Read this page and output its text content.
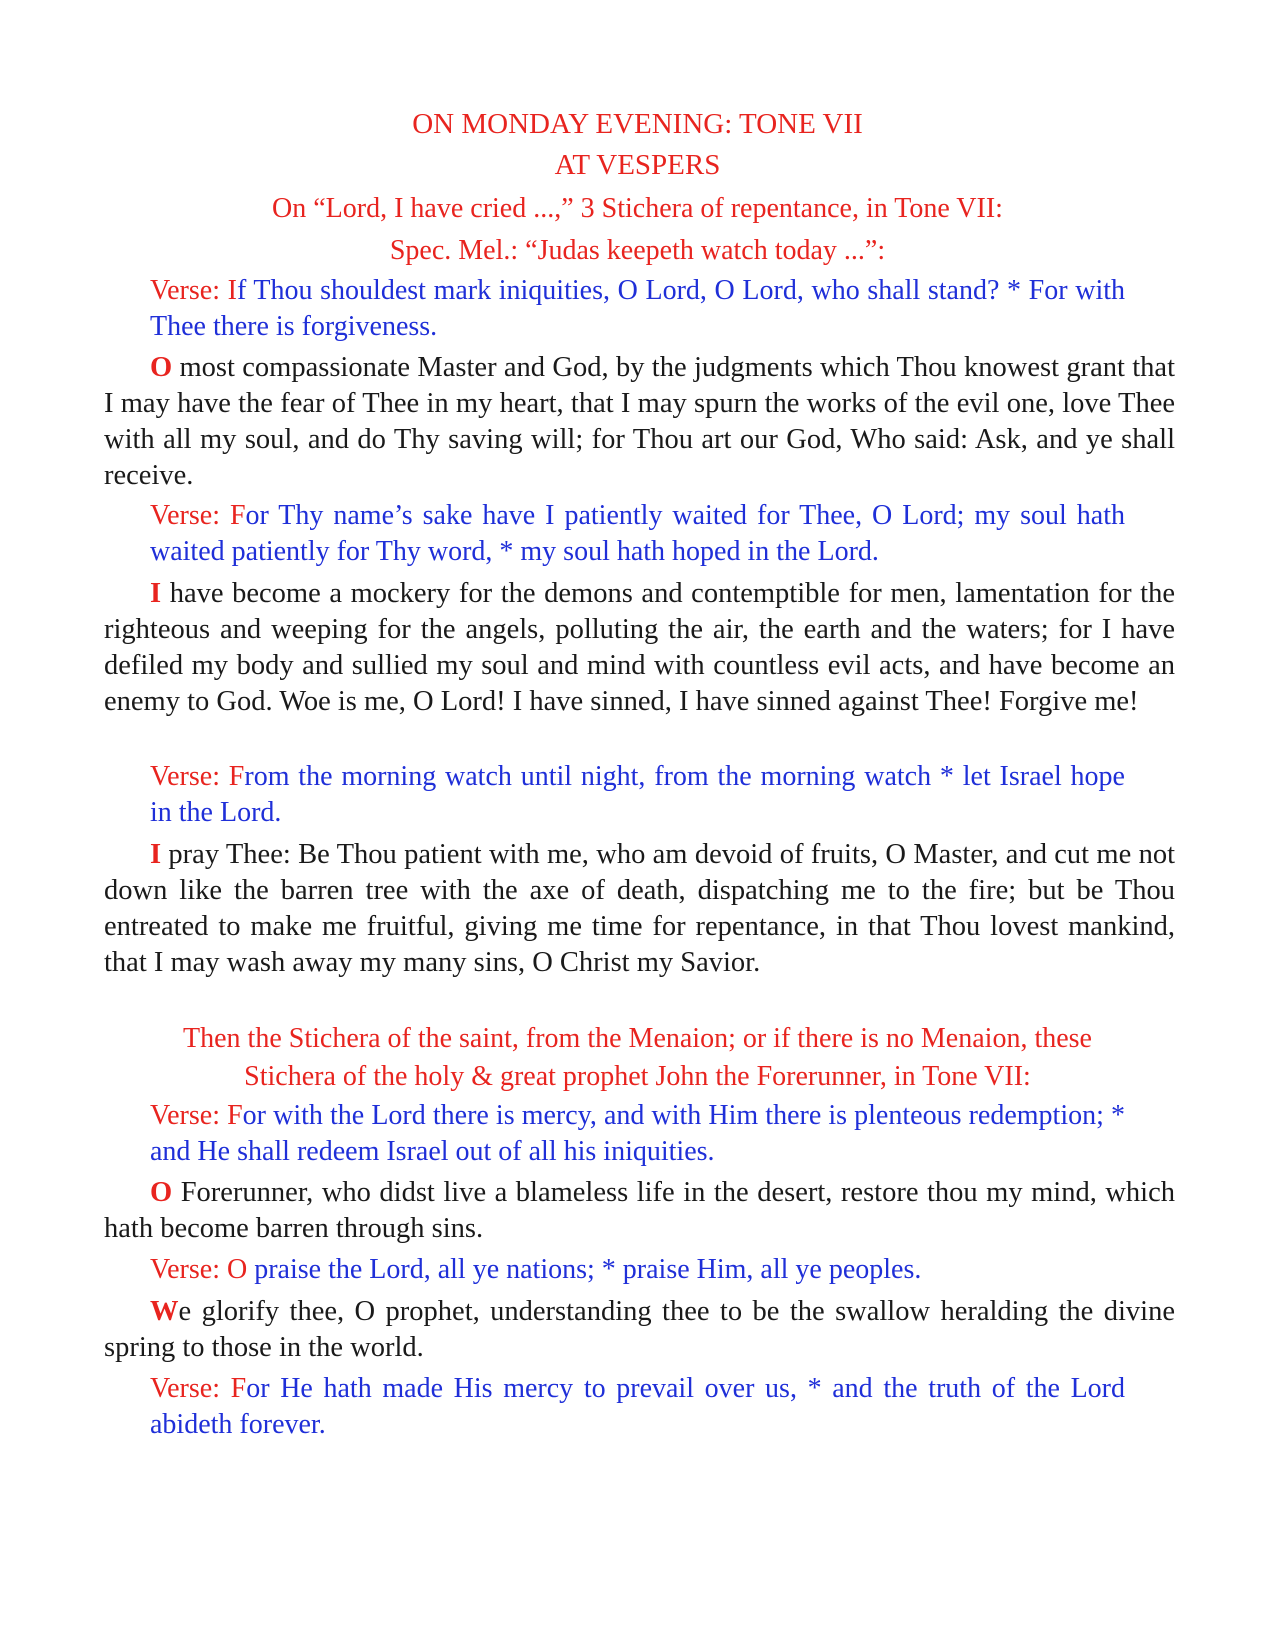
ON MONDAY EVENING: TONE VII
AT VESPERS
On “Lord, I have cried ...,” 3 Stichera of repentance, in Tone VII:
Spec. Mel.: “Judas keepeth watch today ...”:
Verse: If Thou shouldest mark iniquities, O Lord, O Lord, who shall stand? * For with Thee there is forgiveness.
O most compassionate Master and God, by the judgments which Thou knowest grant that I may have the fear of Thee in my heart, that I may spurn the works of the evil one, love Thee with all my soul, and do Thy saving will; for Thou art our God, Who said: Ask, and ye shall receive.
Verse: For Thy name’s sake have I patiently waited for Thee, O Lord; my soul hath waited patiently for Thy word, * my soul hath hoped in the Lord.
I have become a mockery for the demons and contemptible for men, lamentation for the righteous and weeping for the angels, polluting the air, the earth and the waters; for I have defiled my body and sullied my soul and mind with countless evil acts, and have become an enemy to God. Woe is me, O Lord! I have sinned, I have sinned against Thee! Forgive me!
Verse: From the morning watch until night, from the morning watch * let Israel hope in the Lord.
I pray Thee: Be Thou patient with me, who am devoid of fruits, O Master, and cut me not down like the barren tree with the axe of death, dispatching me to the fire; but be Thou entreated to make me fruitful, giving me time for repentance, in that Thou lovest mankind, that I may wash away my many sins, O Christ my Savior.
Then the Stichera of the saint, from the Menaion; or if there is no Menaion, these
Stichera of the holy & great prophet John the Forerunner, in Tone VII:
Verse: For with the Lord there is mercy, and with Him there is plenteous redemption; * and He shall redeem Israel out of all his iniquities.
O Forerunner, who didst live a blameless life in the desert, restore thou my mind, which hath become barren through sins.
Verse: O praise the Lord, all ye nations; * praise Him, all ye peoples.
We glorify thee, O prophet, understanding thee to be the swallow heralding the divine spring to those in the world.
Verse: For He hath made His mercy to prevail over us, * and the truth of the Lord abideth forever.
